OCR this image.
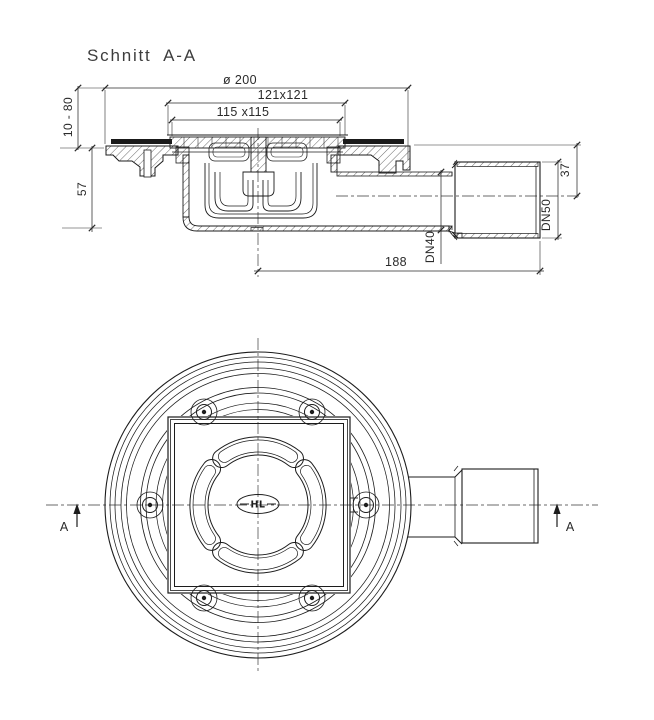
Schnitt A-A
ø 200
121x121
115 x115
10 - 80
57
37
DN50
DN40
188
HL
A	A
